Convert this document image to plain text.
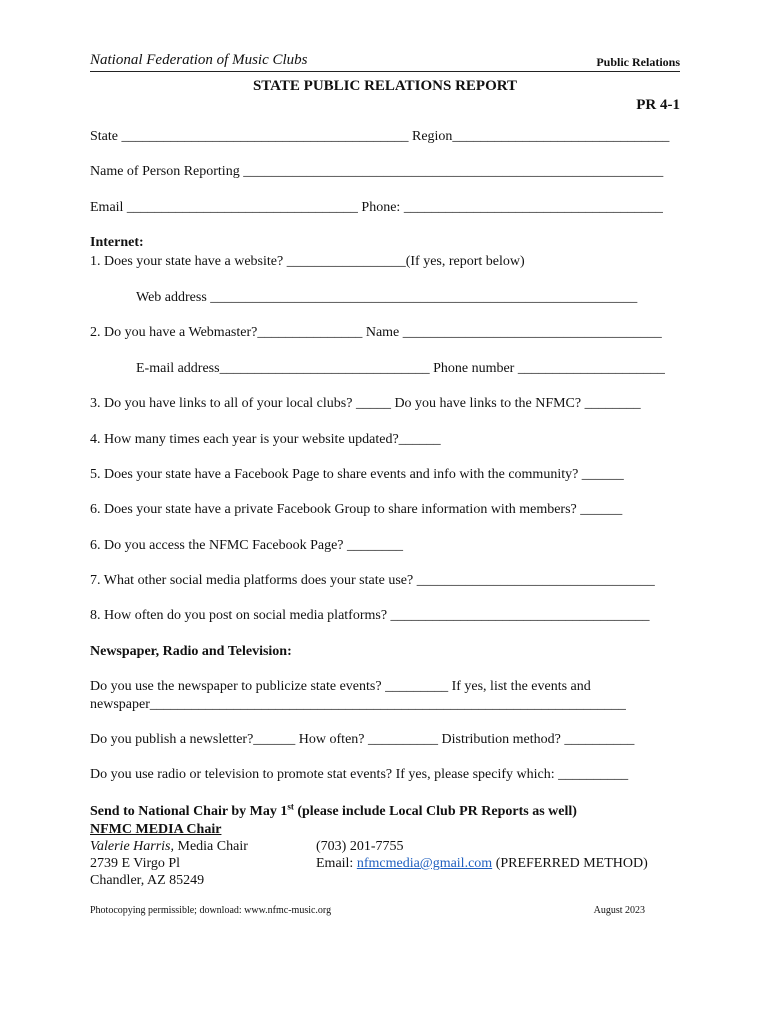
National Federation of Music Clubs	Public Relations
STATE PUBLIC RELATIONS REPORT
PR 4-1
State _________________________________________ Region_______________________________
Name of Person Reporting ____________________________________________________________
Email _________________________________ Phone: _____________________________________
Internet:
1. Does your state have a website? _________________(If yes, report below)
Web address _____________________________________________________________
2. Do you have a Webmaster?_______________ Name _____________________________________
E-mail address______________________________ Phone number _____________________
3. Do you have links to all of your local clubs? _____ Do you have links to the NFMC? ________
4. How many times each year is your website updated?______
5. Does your state have a Facebook Page to share events and info with the community? ______
6. Does your state have a private Facebook Group to share information with members? ______
6. Do you access the NFMC Facebook Page? ________
7. What other social media platforms does your state use? __________________________________
8. How often do you post on social media platforms? _____________________________________
Newspaper, Radio and Television:
Do you use the newspaper to publicize state events? _________ If yes, list the events and
newspaper____________________________________________________________________
Do you publish a newsletter?______ How often? __________ Distribution method? __________
Do you use radio or television to promote stat events? If yes, please specify which: __________
Send to National Chair by May 1st (please include Local Club PR Reports as well)
NFMC MEDIA Chair
Valerie Harris, Media Chair
2739 E Virgo Pl
Chandler, AZ 85249
(703) 201-7755
Email: nfmcmedia@gmail.com (PREFERRED METHOD)
Photocopying permissible; download: www.nfmc-music.org	August 2023
